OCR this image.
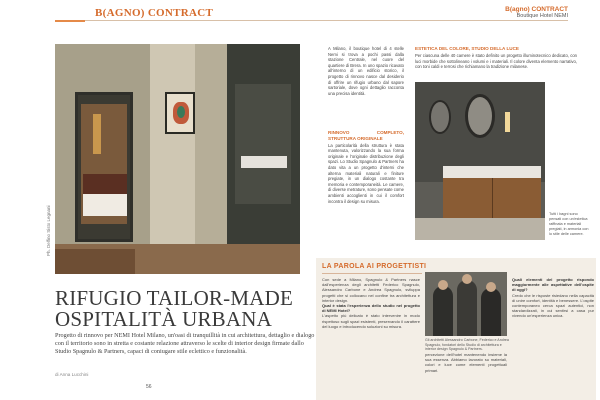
B(AGNO) CONTRACT	B(agno) CONTRACT
Boutique Hotel NEMI
Ph. Delfino Sisto Legnani
RIFUGIO TAILOR-MADE
OSPITALITÀ URBANA

Progetto di rinnovo per NEMI Hotel Milano, un'oasi di tranquillità in cui architettura, dettaglio e dialogo con il territorio sono in stretta e costante relazione attraverso le scelte di interior design firmate dallo Studio Spagnulo & Partners, capaci di coniugare stile eclettico e funzionalità.

di Anna Lucchini
56
A Milano, il boutique hotel di 4 stelle Nemi si trova a pochi passi dalla stazione Centrale, nel cuore del quartiere di Brera. In uno spazio ricavato all'interno di un edificio storico, il progetto di rinnovo nasce dal desiderio di offrire un rifugio urbano dal sapore sartoriale, dove ogni dettaglio racconta una precisa identità.
RINNOVO COMPLETO, STRUTTURA ORIGINALE
La particolarità della struttura è stata mantenuta, valorizzando la sua forma originale e l'originale distribuzione degli spazi. Lo Studio Spagnulo & Partners ha dato vita a un progetto d'interni che alterna materiali naturali e finiture pregiate, in un dialogo costante tra memoria e contemporaneità. Le camere, di diverse metrature, sono pensate come ambienti accoglienti in cui il comfort incontra il design su misura.
ESTETICA DEL COLORE, STUDIO DELLA LUCE
Per ciascuna delle 40 camere è stato definito un progetto illuminotecnico dedicato, con luci morbide che sottolineano i volumi e i materiali. Il colore diventa elemento narrativo, con toni caldi e terrosi che richiamano la tradizione milanese.
Tutti i bagni sono pensati con un'estetica raffinata e materiali pregiati, in armonia con lo stile delle camere.
LA PAROLA AI PROGETTISTI
Con sede a Milano, Spagnulo & Partners nasce dall'esperienza degli architetti Federico Spagnulo, Alessandro Carbone e Andrea Spagnulo, sviluppa progetti che si collocano nel confine tra architettura e interior design.
Qual è stata l'esperienza dello studio nel progetto di NEMI Hotel?
L'aspetto più delicato è stato intervenire in modo rispettoso sugli spazi esistenti, preservando il carattere del luogo e introducendo soluzioni su misura.
Gli architetti Alessandro Carbone, Federico e Andrea Spagnulo, fondatori dello Studio di architettura e interior design Spagnulo & Partners.
percezione dell'hotel mantenendo insieme la sua essenza. Abbiamo lavorato su materiali, colori e luce come elementi progettuali primari.
Quali elementi del progetto rispondo maggiormente alle aspettative dell'ospite di oggi?
Credo che le risposte risiedano nella capacità di unire comfort, identità e benessere. L'ospite contemporaneo cerca spazi autentici, non standardizzati, in cui sentirsi a casa pur vivendo un'esperienza unica.
